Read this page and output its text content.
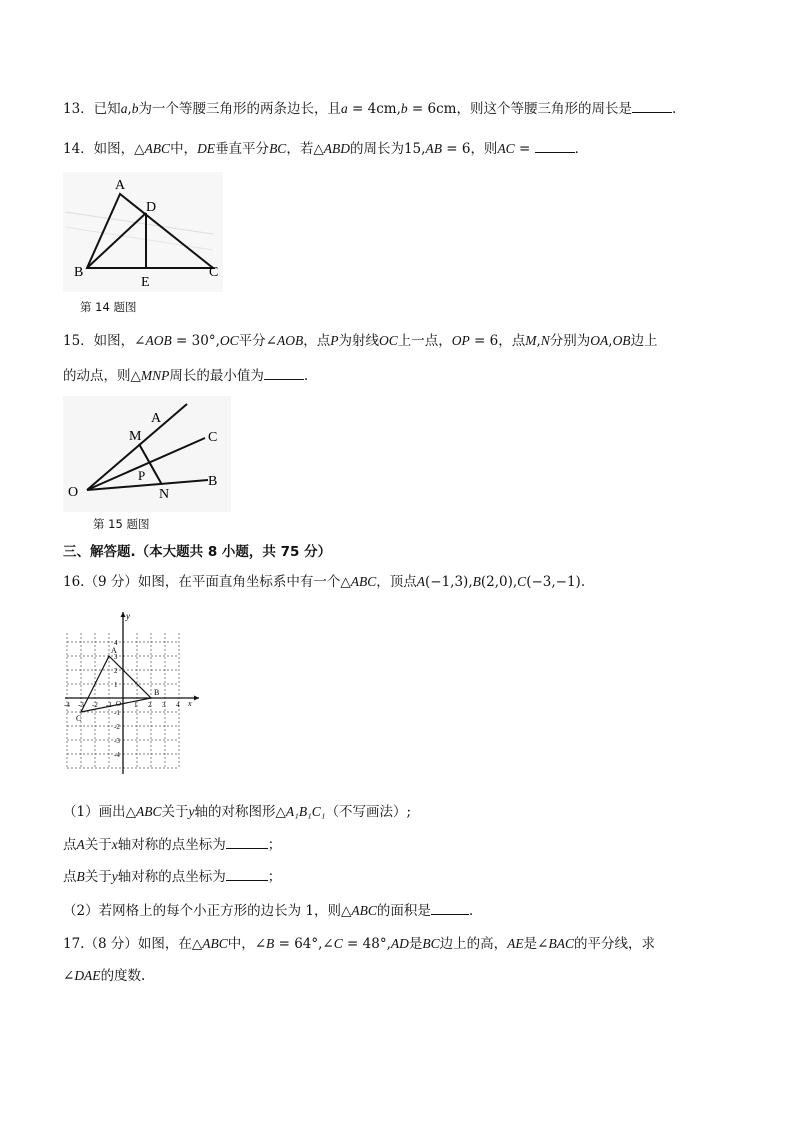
13．已知a,b为一个等腰三角形的两条边长，且a = 4cm,b = 6cm，则这个等腰三角形的周长是	.
14．如图，△ABC中，DE垂直平分BC，若△ABD的周长为15,AB = 6，则AC =	．
A
B	C
D
E
第 14 题图
15．如图，∠AOB = 30°,OC平分∠AOB，点P为射线OC上一点，OP = 6，点M,N分别为OA,OB边上
的动点，则△MNP周长的最小值为	.
O
A
C
B
M
P
N
第 15 题图
三、解答题.（本大题共 8 小题，共 75 分）
16.（9 分）如图，在平面直角坐标系中有一个△ABC，顶点A(−1,3),B(2,0),C(−3,−1).
y
x
A
B
C
O
-4 -3 -2 -1	1 2 3 4
4
3
2
1
-1
-2
-3
-4
（1）画出△ABC关于y轴的对称图形△A₁B₁C₁（不写画法）;
点A关于x轴对称的点坐标为	；
点B关于y轴对称的点坐标为	；
（2）若网格上的每个小正方形的边长为 1，则△ABC的面积是	.
17.（8 分）如图，在△ABC中，∠B = 64°,∠C = 48°,AD是BC边上的高，AE是∠BAC的平分线，求
∠DAE的度数.
